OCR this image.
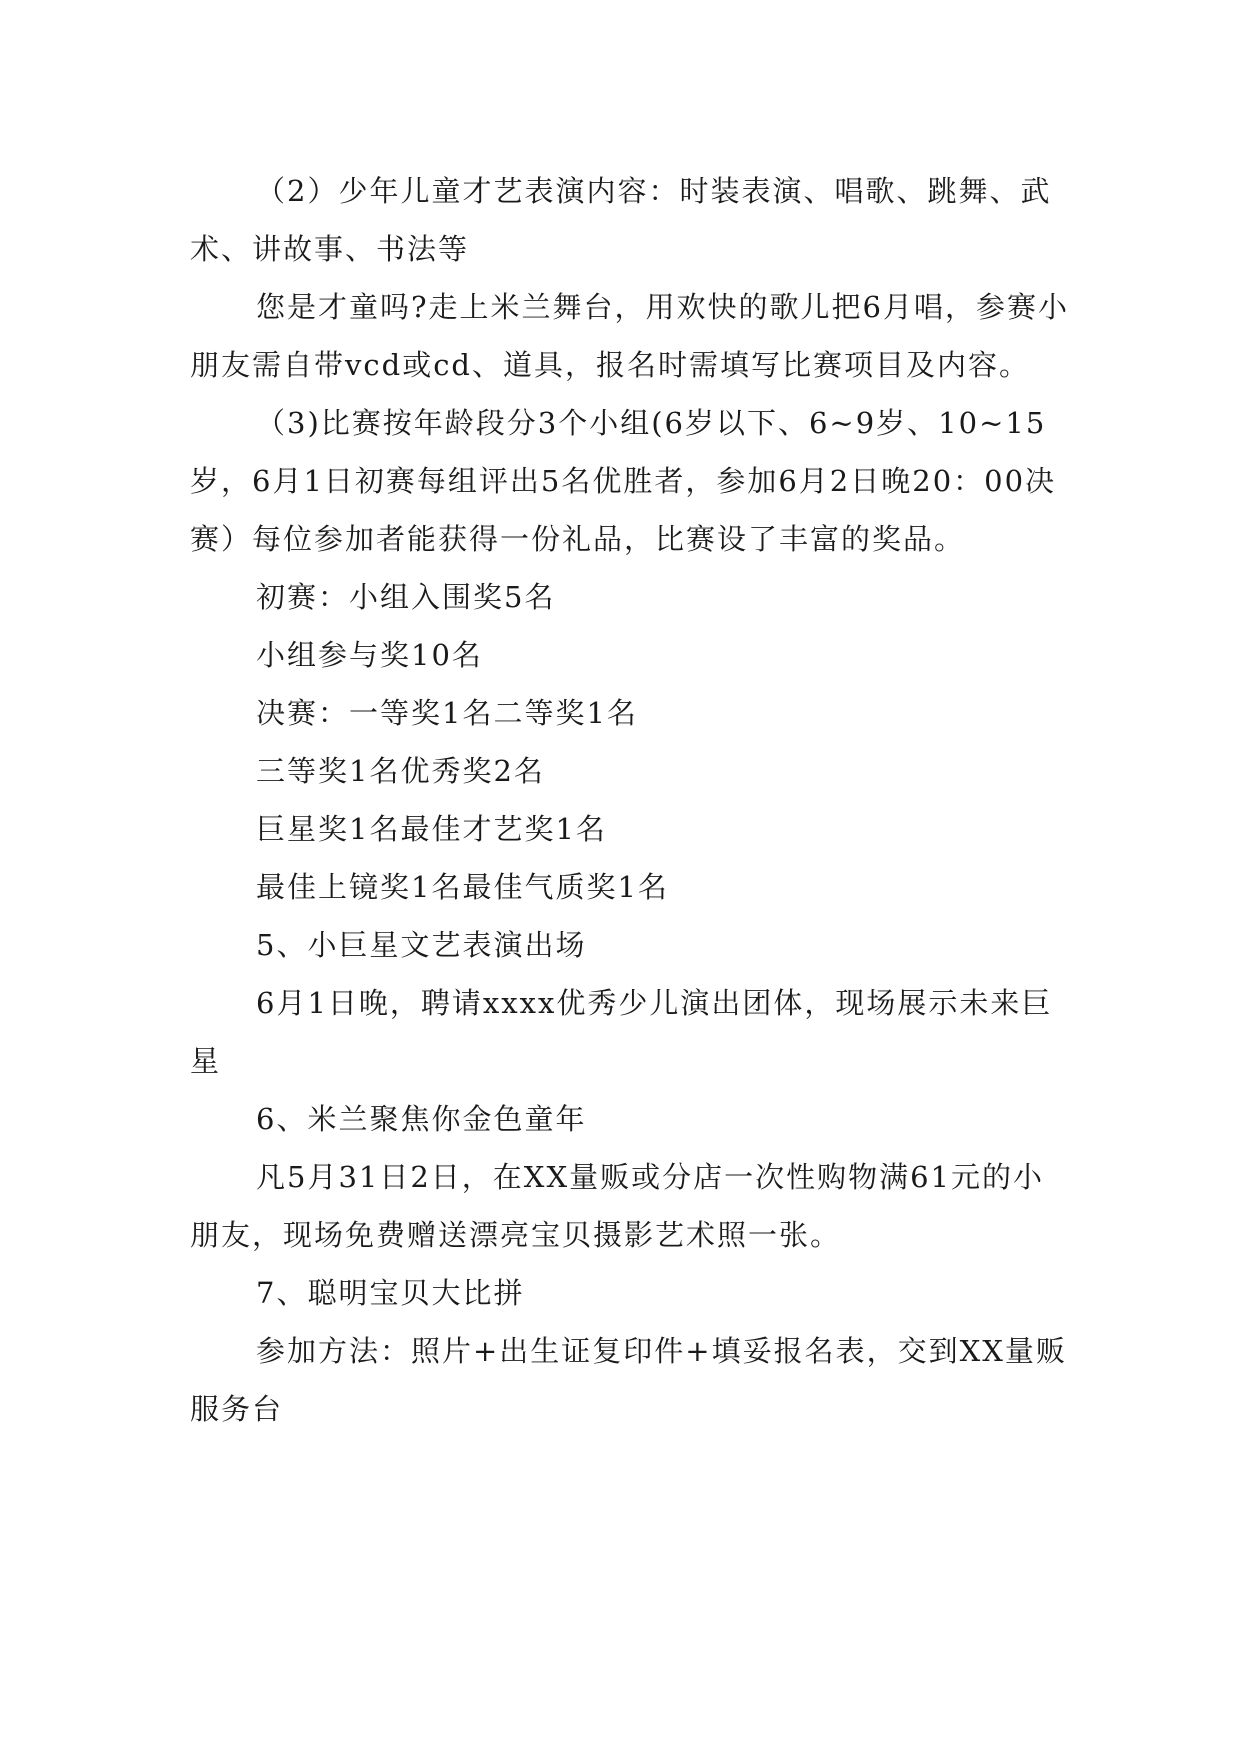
（2）少年儿童才艺表演内容：时装表演、唱歌、跳舞、武术、讲故事、书法等

您是才童吗?走上米兰舞台，用欢快的歌儿把6月唱，参赛小朋友需自带vcd或cd、道具，报名时需填写比赛项目及内容。

（3)比赛按年龄段分3个小组(6岁以下、6~9岁、10~15岁，6月1日初赛每组评出5名优胜者，参加6月2日晚20：00决赛）每位参加者能获得一份礼品，比赛设了丰富的奖品。

初赛：小组入围奖5名

小组参与奖10名

决赛：一等奖1名二等奖1名

三等奖1名优秀奖2名

巨星奖1名最佳才艺奖1名

最佳上镜奖1名最佳气质奖1名

5、小巨星文艺表演出场

6月1日晚，聘请xxxx优秀少儿演出团体，现场展示未来巨星

6、米兰聚焦你金色童年

凡5月31日2日，在XX量贩或分店一次性购物满61元的小朋友，现场免费赠送漂亮宝贝摄影艺术照一张。

7、聪明宝贝大比拼

参加方法：照片+出生证复印件+填妥报名表，交到XX量贩服务台
